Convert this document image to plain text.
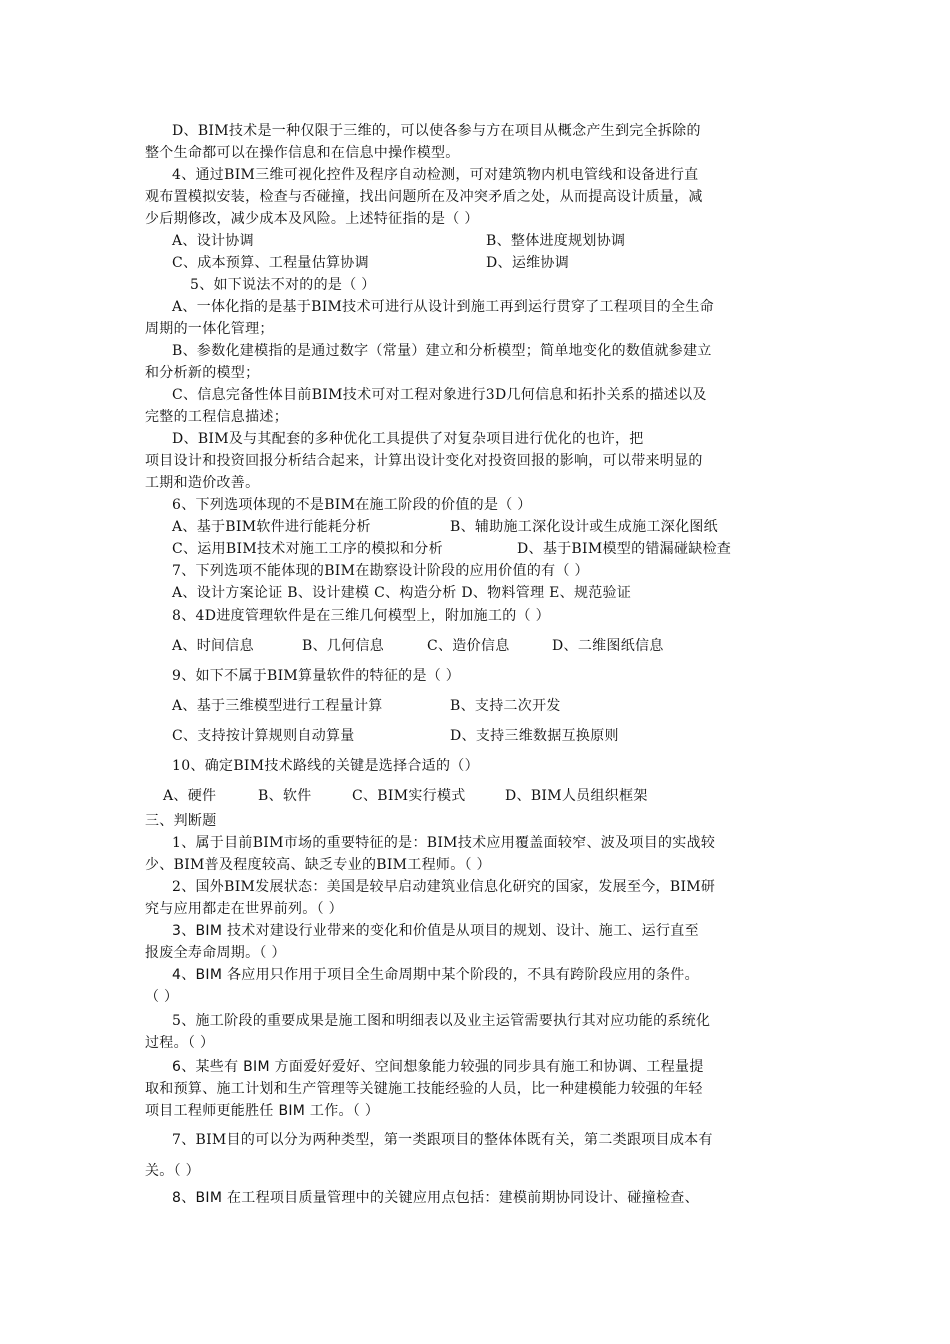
D、BIM技术是一种仅限于三维的，可以使各参与方在项目从概念产生到完全拆除的
整个生命都可以在操作信息和在信息中操作模型。
4、通过BIM三维可视化控件及程序自动检测，可对建筑物内机电管线和设备进行直
观布置模拟安装，检查与否碰撞，找出问题所在及冲突矛盾之处，从而提高设计质量，减
少后期修改，减少成本及风险。上述特征指的是（ ）
A、设计协调	B、整体进度规划协调
C、成本预算、工程量估算协调	D、运维协调
5、如下说法不对的的是（ ）
A、一体化指的是基于BIM技术可进行从设计到施工再到运行贯穿了工程项目的全生命
周期的一体化管理；
B、参数化建模指的是通过数字（常量）建立和分析模型；简单地变化的数值就参建立
和分析新的模型；
C、信息完备性体目前BIM技术可对工程对象进行3D几何信息和拓扑关系的描述以及
完整的工程信息描述；
D、BIM及与其配套的多种优化工具提供了对复杂项目进行优化的也许，把
项目设计和投资回报分析结合起来，计算出设计变化对投资回报的影响，可以带来明显的
工期和造价改善。
6、下列选项体现的不是BIM在施工阶段的价值的是（ ）
A、基于BIM软件进行能耗分析	B、辅助施工深化设计或生成施工深化图纸
C、运用BIM技术对施工工序的模拟和分析	D、基于BIM模型的错漏碰缺检查
7、下列选项不能体现的BIM在勘察设计阶段的应用价值的有（ ）
A、设计方案论证 B、设计建模 C、构造分析 D、物料管理 E、规范验证
8、4D进度管理软件是在三维几何模型上，附加施工的（ ）
A、时间信息	B、几何信息	C、造价信息	D、二维图纸信息
9、如下不属于BIM算量软件的特征的是（ ）
A、基于三维模型进行工程量计算	B、支持二次开发
C、支持按计算规则自动算量	D、支持三维数据互换原则
10、确定BIM技术路线的关键是选择合适的（）
A、硬件	B、软件	C、BIM实行模式	D、BIM人员组织框架
三、判断题
1、属于目前BIM市场的重要特征的是：BIM技术应用覆盖面较窄、波及项目的实战较
少、BIM普及程度较高、缺乏专业的BIM工程师。（ ）
2、国外BIM发展状态：美国是较早启动建筑业信息化研究的国家，发展至今，BIM研
究与应用都走在世界前列。（ ）
3、BIM 技术对建设行业带来的变化和价值是从项目的规划、设计、施工、运行直至
报废全寿命周期。（ ）
4、BIM 各应用只作用于项目全生命周期中某个阶段的，不具有跨阶段应用的条件。
（ ）
5、施工阶段的重要成果是施工图和明细表以及业主运管需要执行其对应功能的系统化
过程。（ ）
6、某些有 BIM 方面爱好爱好、空间想象能力较强的同步具有施工和协调、工程量提
取和预算、施工计划和生产管理等关键施工技能经验的人员，比一种建模能力较强的年轻
项目工程师更能胜任 BIM 工作。（ ）
7、BIM目的可以分为两种类型，第一类跟项目的整体体既有关，第二类跟项目成本有
关。（ ）
8、BIM 在工程项目质量管理中的关键应用点包括：建模前期协同设计、碰撞检查、
